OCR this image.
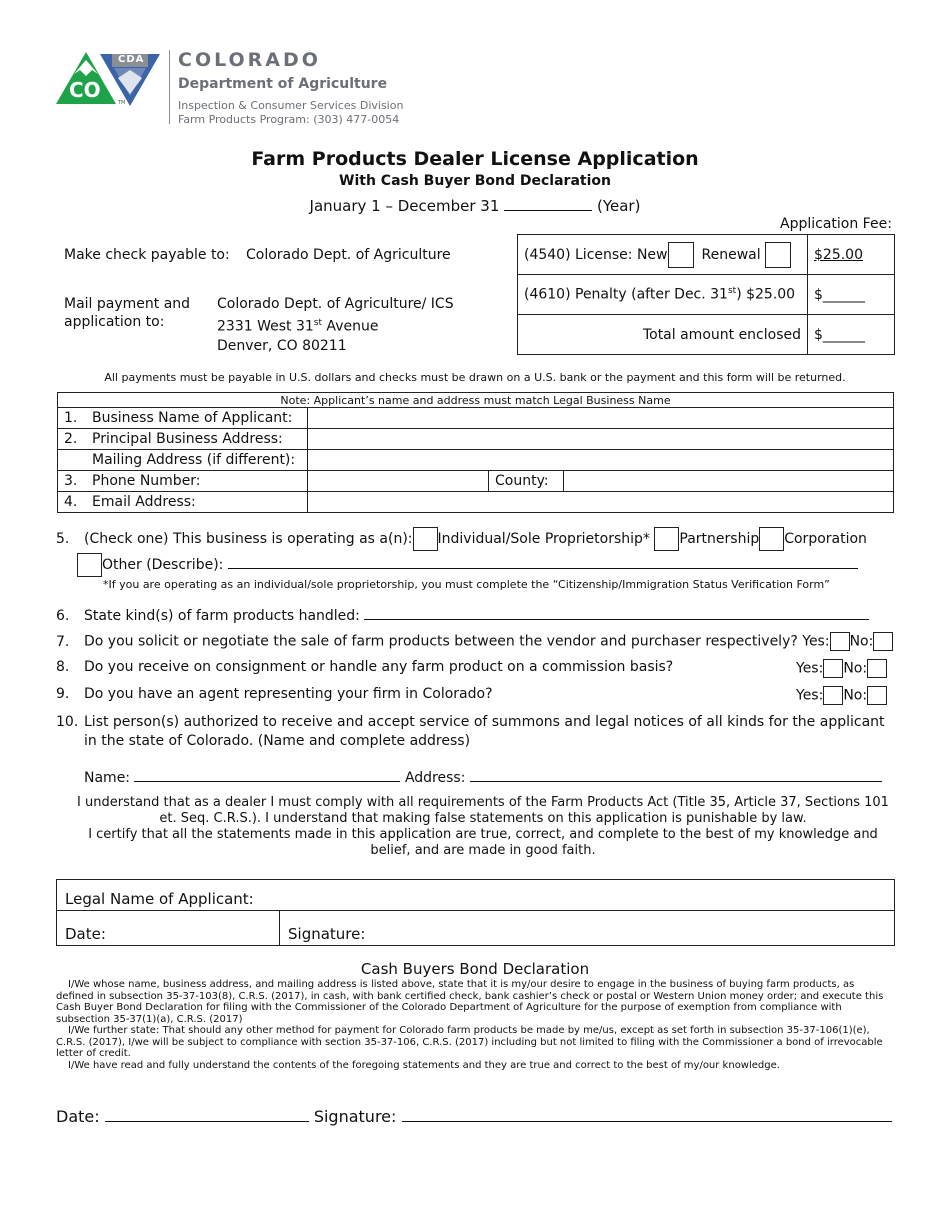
CDA
CO
TM
COLORADO
Department of Agriculture
Inspection & Consumer Services Division
Farm Products Program: (303) 477-0054
Farm Products Dealer License Application
With Cash Buyer Bond Declaration
January 1 – December 31	(Year)
Make check payable to: Colorado Dept. of Agriculture
Mail payment and application to:
Colorado Dept. of Agriculture/ ICS
2331 West 31st Avenue
Denver, CO 80211
Application Fee:
(4540) License: New Renewal	$25.00
(4610) Penalty (after Dec. 31st) $25.00	$______
Total amount enclosed	$______
All payments must be payable in U.S. dollars and checks must be drawn on a U.S. bank or the payment and this form will be returned.
Note: Applicant’s name and address must match Legal Business Name			
1. Business Name of Applicant:			
2. Principal Business Address:			
Mailing Address (if different):			
3. Phone Number:		County:	
4. Email Address:			
5. (Check one) This business is operating as a(n): Individual/Sole Proprietorship* Partnership Corporation
Other (Describe):
*If you are operating as an individual/sole proprietorship, you must complete the “Citizenship/Immigration Status Verification Form”
6. State kind(s) of farm products handled:
7. Do you solicit or negotiate the sale of farm products between the vendor and purchaser respectively? Yes: No:
8. Do you receive on consignment or handle any farm product on a commission basis?	Yes: No:
9. Do you have an agent representing your firm in Colorado?	Yes: No:
10. List person(s) authorized to receive and accept service of summons and legal notices of all kinds for the applicant
in the state of Colorado. (Name and complete address)
Name:	Address:
I understand that as a dealer I must comply with all requirements of the Farm Products Act (Title 35, Article 37, Sections 101
et. Seq. C.R.S.). I understand that making false statements on this application is punishable by law.
I certify that all the statements made in this application are true, correct, and complete to the best of my knowledge and
belief, and are made in good faith.
Legal Name of Applicant:
Date:	Signature:
Cash Buyers Bond Declaration
I/We whose name, business address, and mailing address is listed above, state that it is my/our desire to engage in the business of buying farm products, as defined in subsection 35-37-103(8), C.R.S. (2017), in cash, with bank certified check, bank cashier’s check or postal or Western Union money order; and execute this Cash Buyer Bond Declaration for filing with the Commissioner of the Colorado Department of Agriculture for the purpose of exemption from compliance with subsection 35-37(1)(a), C.R.S. (2017)
I/We further state: That should any other method for payment for Colorado farm products be made by me/us, except as set forth in subsection 35-37-106(1)(e), C.R.S. (2017), I/we will be subject to compliance with section 35-37-106, C.R.S. (2017) including but not limited to filing with the Commissioner a bond of irrevocable letter of credit.
I/We have read and fully understand the contents of the foregoing statements and they are true and correct to the best of my/our knowledge.
Date:	Signature:
